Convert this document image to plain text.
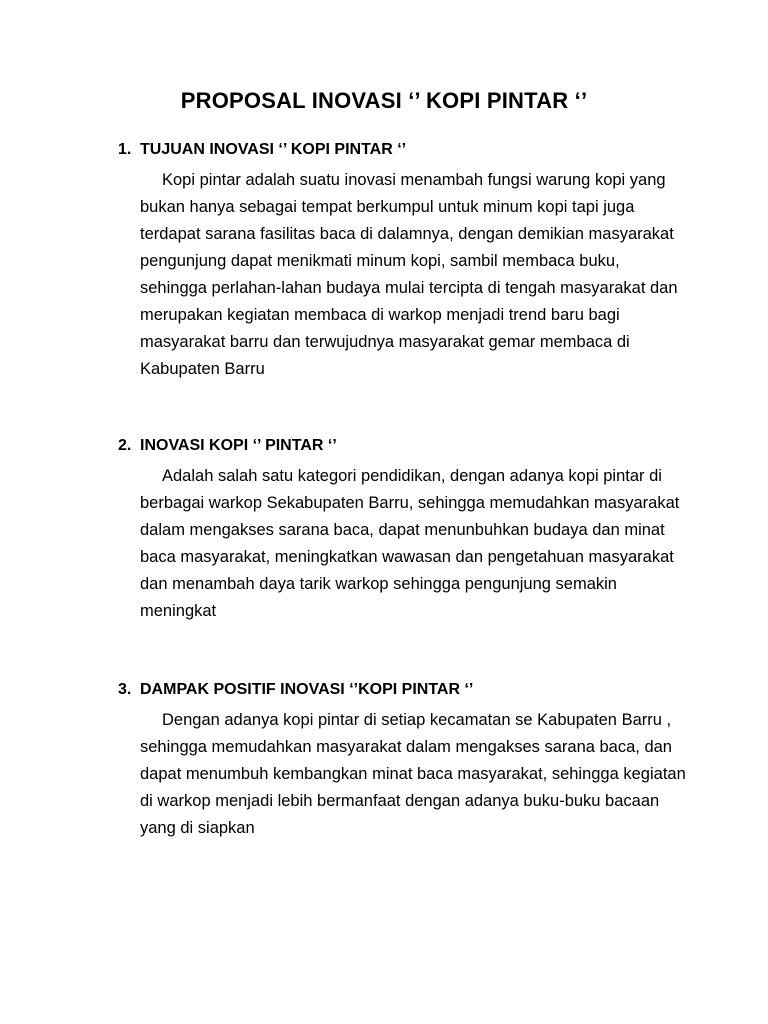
PROPOSAL INOVASI ‘’ KOPI PINTAR ‘’

1. TUJUAN INOVASI ‘’ KOPI PINTAR ‘’

Kopi pintar adalah suatu inovasi menambah fungsi warung kopi yang bukan hanya sebagai tempat berkumpul untuk minum kopi tapi juga terdapat sarana fasilitas baca di dalamnya, dengan demikian masyarakat pengunjung dapat menikmati minum kopi, sambil membaca buku, sehingga perlahan-lahan budaya mulai tercipta di tengah masyarakat dan merupakan kegiatan membaca di warkop menjadi trend baru bagi masyarakat barru dan terwujudnya masyarakat gemar membaca di Kabupaten Barru

2. INOVASI KOPI ‘’ PINTAR ‘’

Adalah salah satu kategori pendidikan, dengan adanya kopi pintar di berbagai warkop Sekabupaten Barru, sehingga memudahkan masyarakat dalam mengakses sarana baca, dapat menunbuhkan budaya dan minat baca masyarakat, meningkatkan wawasan dan pengetahuan masyarakat dan menambah daya tarik warkop sehingga pengunjung semakin meningkat

3. DAMPAK POSITIF INOVASI ‘’KOPI PINTAR ‘’

Dengan adanya kopi pintar di setiap kecamatan se Kabupaten Barru , sehingga memudahkan masyarakat dalam mengakses sarana baca, dan dapat menumbuh kembangkan minat baca masyarakat, sehingga kegiatan di warkop menjadi lebih bermanfaat dengan adanya buku-buku bacaan yang di siapkan
